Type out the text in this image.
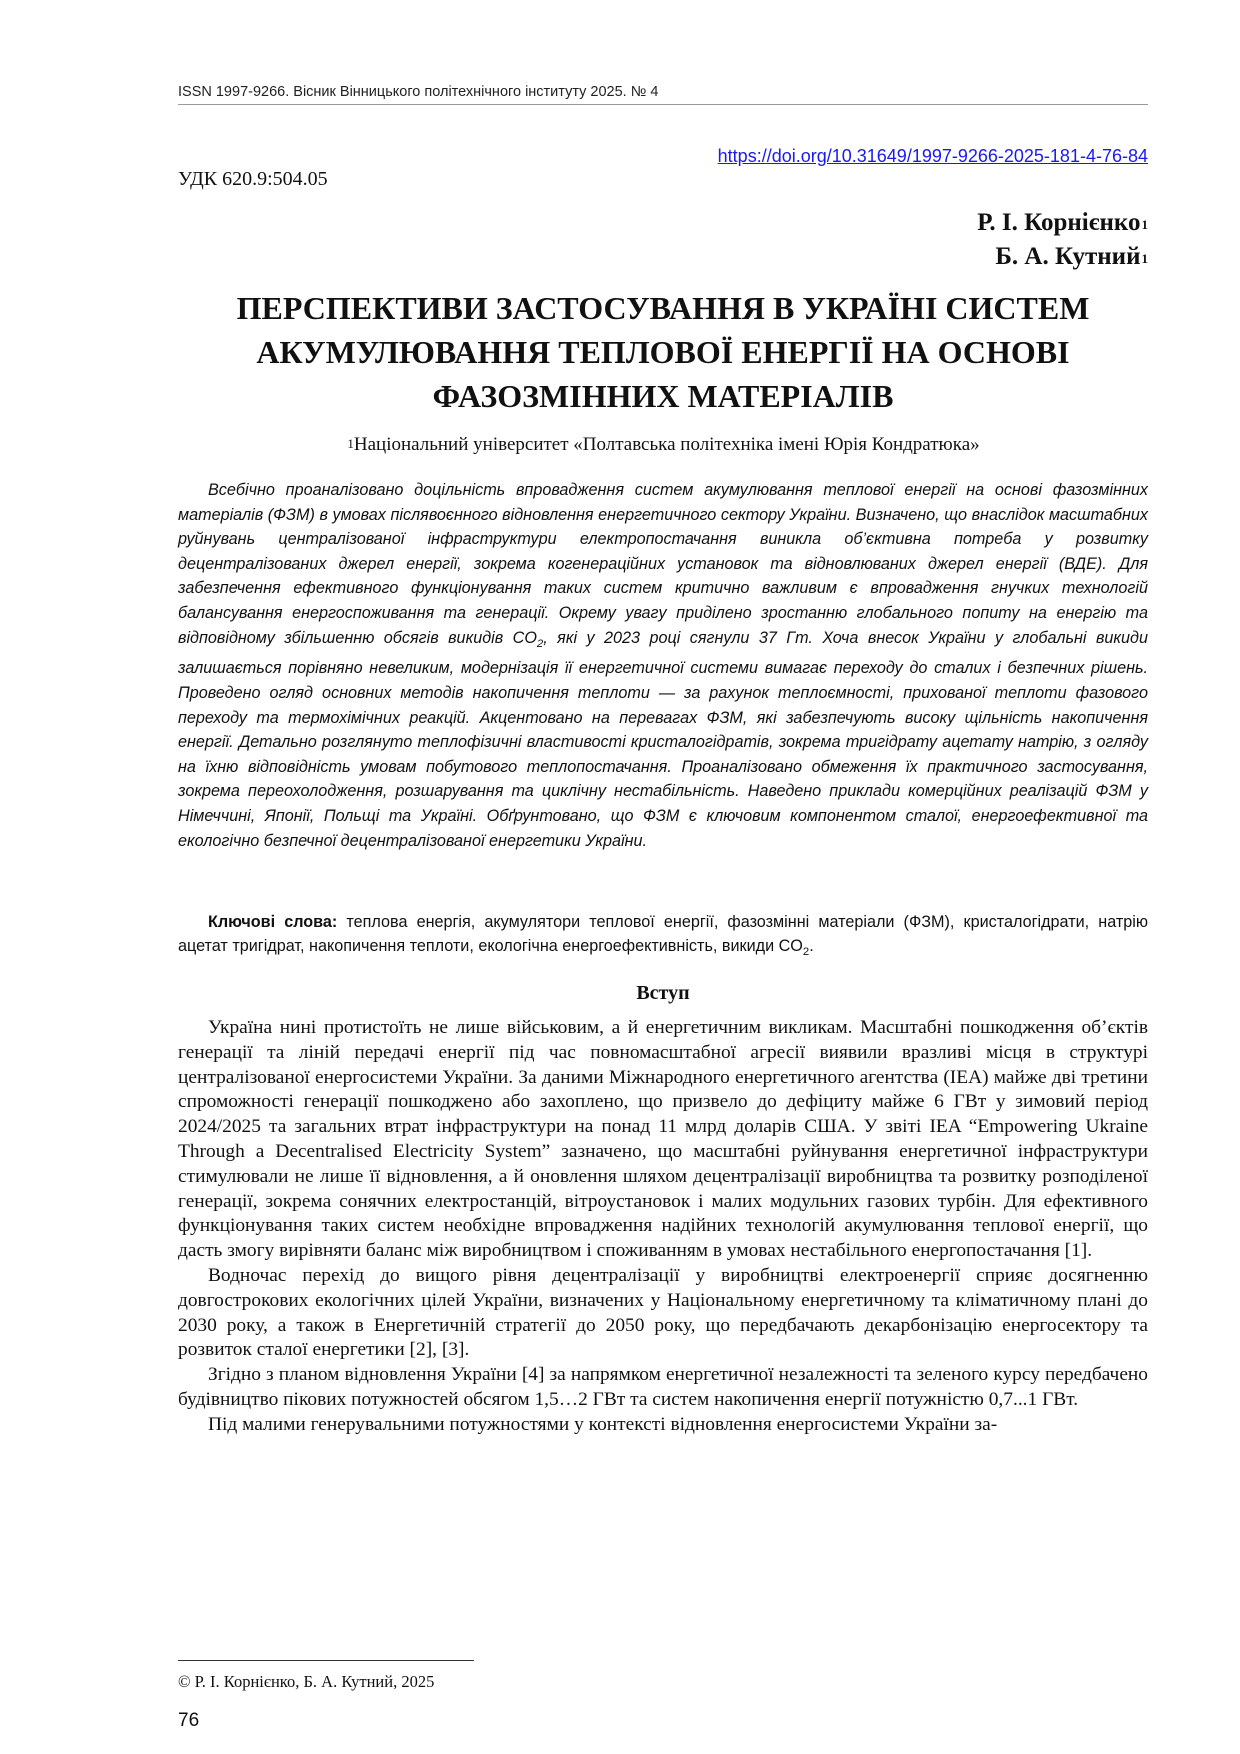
ISSN 1997-9266. Вісник Вінницького політехнічного інституту 2025. № 4
https://doi.org/10.31649/1997-9266-2025-181-4-76-84
УДК 620.9:504.05
Р. І. Корнієнко$^1$
Б. А. Кутний$^1$
ПЕРСПЕКТИВИ ЗАСТОСУВАННЯ В УКРАЇНІ СИСТЕМ
АКУМУЛЮВАННЯ ТЕПЛОВОЇ ЕНЕРГІЇ НА ОСНОВІ
ФАЗОЗМІННИХ МАТЕРІАЛІВ
$^1$Національний університет «Полтавська політехніка імені Юрія Кондратюка»

Всебічно проаналізовано доцільність впровадження систем акумулювання теплової енергії на основі фазозмінних матеріалів (ФЗМ) в умовах післявоєнного відновлення енергетичного сектору України. Визначено, що внаслідок масштабних руйнувань централізованої інфраструктури електропостачання виникла об’єктивна потреба у розвитку децентралізованих джерел енергії, зокрема когенераційних установок та відновлюваних джерел енергії (ВДЕ). Для забезпечення ефективного функціонування таких систем критично важливим є впровадження гнучких технологій балансування енергоспоживання та генерації. Окрему увагу приділено зростанню глобального попиту на енергію та відповідному збільшенню обсягів викидів $CO_2$, які у 2023 році сягнули 37 Гт. Хоча внесок України у глобальні викиди залишається порівняно невеликим, модернізація її енергетичної системи вимагає переходу до сталих і безпечних рішень. Проведено огляд основних методів накопичення теплоти — за рахунок теплоємності, прихованої теплоти фазового переходу та термохімічних реакцій. Акцентовано на перевагах ФЗМ, які забезпечують високу щільність накопичення енергії. Детально розглянуто теплофізичні властивості кристалогідратів, зокрема тригідрату ацетату натрію, з огляду на їхню відповідність умовам побутового теплопостачання. Проаналізовано обмеження їх практичного застосування, зокрема переохолодження, розшарування та циклічну нестабільність. Наведено приклади комерційних реалізацій ФЗМ у Німеччині, Японії, Польщі та Україні. Обґрунтовано, що ФЗМ є ключовим компонентом сталої, енергоефективної та екологічно безпечної децентралізованої енергетики України.

Ключові слова: теплова енергія, акумулятори теплової енергії, фазозмінні матеріали (ФЗМ), кристалогідрати, натрію ацетат тригідрат, накопичення теплоти, екологічна енергоефективність, викиди $CO_2$.

Вступ

Україна нині протистоїть не лише військовим, а й енергетичним викликам. Масштабні пошкодження об’єктів генерації та ліній передачі енергії під час повномасштабної агресії виявили вразливі місця в структурі централізованої енергосистеми України. За даними Міжнародного енергетичного агентства (IEA) майже дві третини спроможності генерації пошкоджено або захоплено, що призвело до дефіциту майже 6 ГВт у зимовий період 2024/2025 та загальних втрат інфраструктури на понад 11 млрд доларів США. У звіті IEA “Empowering Ukraine Through a Decentralised Electricity System” зазначено, що масштабні руйнування енергетичної інфраструктури стимулювали не лише її відновлення, а й оновлення шляхом децентралізації виробництва та розвитку розподіленої генерації, зокрема сонячних електростанцій, вітроустановок і малих модульних газових турбін. Для ефективного функціонування таких систем необхідне впровадження надійних технологій акумулювання теплової енергії, що дасть змогу вирівняти баланс між виробництвом і споживанням в умовах нестабільного енергопостачання [1].

Водночас перехід до вищого рівня децентралізації у виробництві електроенергії сприяє досягненню довгострокових екологічних цілей України, визначених у Національному енергетичному та кліматичному плані до 2030 року, а також в Енергетичній стратегії до 2050 року, що передбачають декарбонізацію енергосектору та розвиток сталої енергетики [2], [3].

Згідно з планом відновлення України [4] за напрямком енергетичної незалежності та зеленого курсу передбачено будівництво пікових потужностей обсягом 1,5…2 ГВт та систем накопичення енергії потужністю 0,7...1 ГВт.

Під малими генерувальними потужностями у контексті відновлення енергосистеми України за-

© Р. І. Корнієнко, Б. А. Кутний, 2025
76
